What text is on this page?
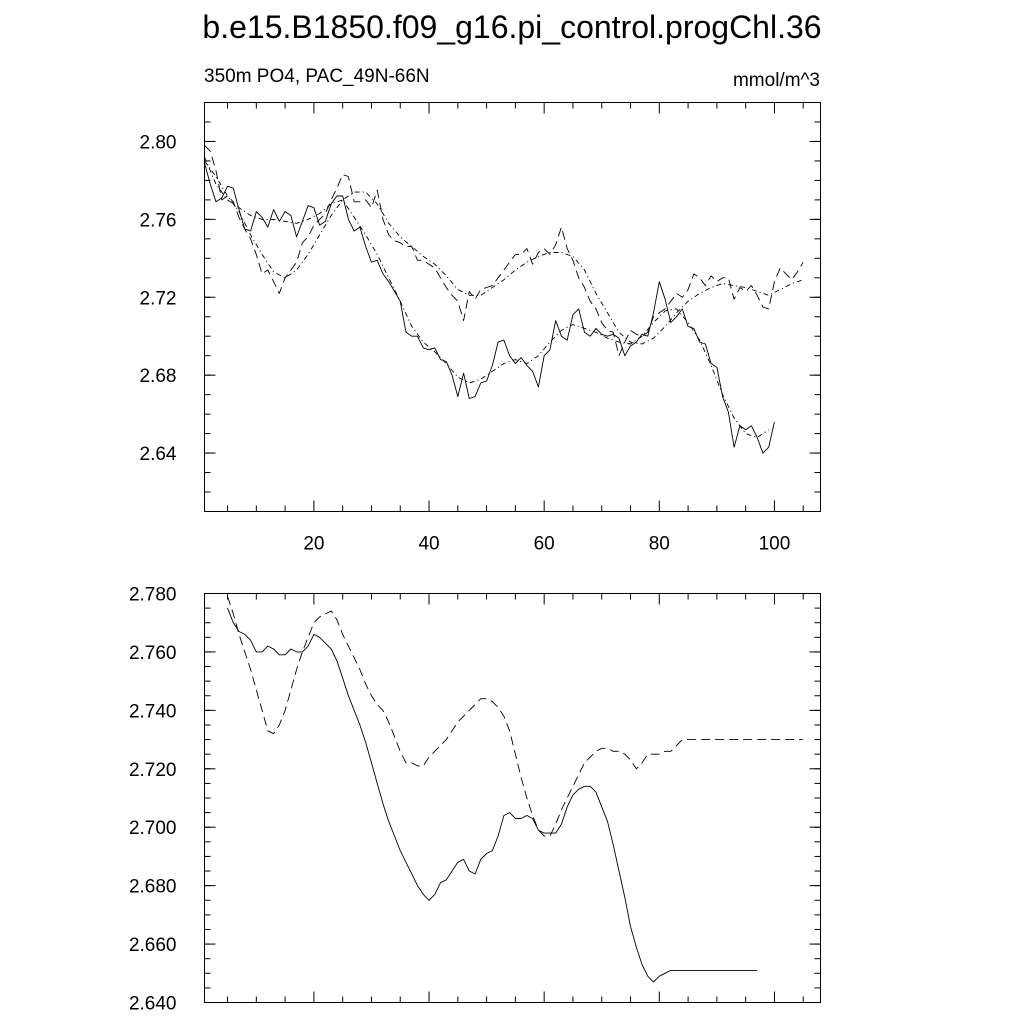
b.e15.B1850.f09_g16.pi_control.progChl.36
350m PO4, PAC_49N-66N	mmol/m^3
20	40	60	80	100
2.64
2.68
2.72
2.76
2.80
2.640
2.660
2.680
2.700
2.720
2.740
2.760
2.780
